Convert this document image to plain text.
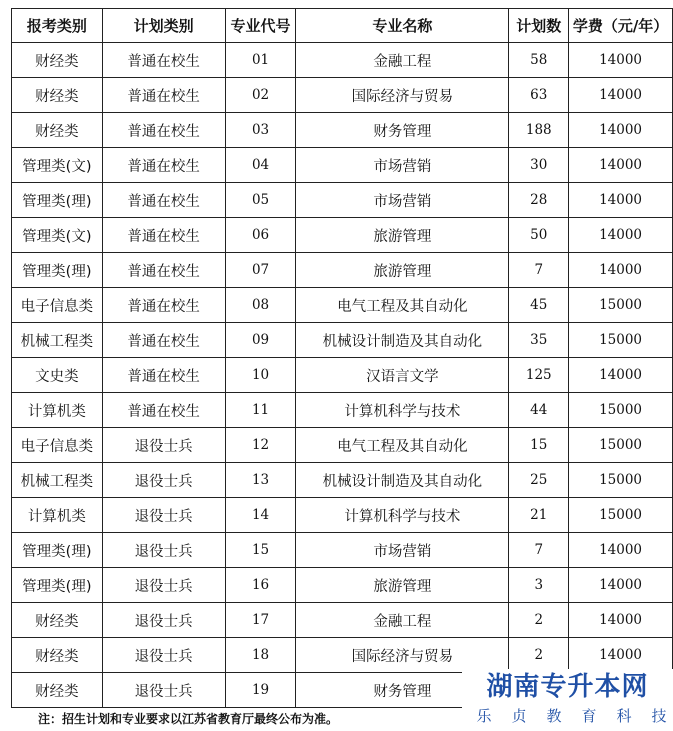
报考类别	计划类别	专业代号	专业名称	计划数	学费（元/年）
财经类	普通在校生	01	金融工程	58	14000
财经类	普通在校生	02	国际经济与贸易	63	14000
财经类	普通在校生	03	财务管理	188	14000
管理类(文)	普通在校生	04	市场营销	30	14000
管理类(理)	普通在校生	05	市场营销	28	14000
管理类(文)	普通在校生	06	旅游管理	50	14000
管理类(理)	普通在校生	07	旅游管理	7	14000
电子信息类	普通在校生	08	电气工程及其自动化	45	15000
机械工程类	普通在校生	09	机械设计制造及其自动化	35	15000
文史类	普通在校生	10	汉语言文学	125	14000
计算机类	普通在校生	11	计算机科学与技术	44	15000
电子信息类	退役士兵	12	电气工程及其自动化	15	15000
机械工程类	退役士兵	13	机械设计制造及其自动化	25	15000
计算机类	退役士兵	14	计算机科学与技术	21	15000
管理类(理)	退役士兵	15	市场营销	7	14000
管理类(理)	退役士兵	16	旅游管理	3	14000
财经类	退役士兵	17	金融工程	2	14000
财经类	退役士兵	18	国际经济与贸易	2	14000
财经类	退役士兵	19	财务管理		
注：招生计划和专业要求以江苏省教育厅最终公布为准。
湖南专升本网
乐 贞 教 育 科 技
